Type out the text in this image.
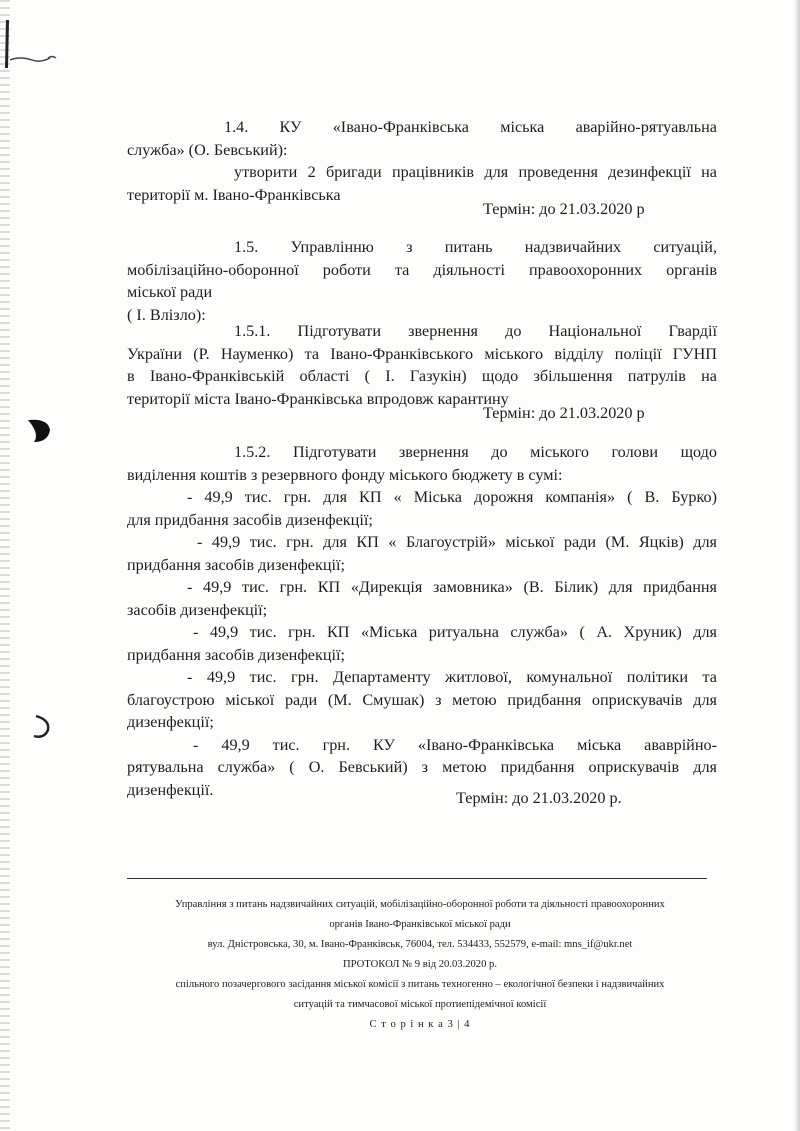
1.4. КУ «Івано-Франківська міська аварійно-рятуавльна
служба» (О. Бевський):
утворити 2 бригади працівників для проведення дезинфекції на
території м. Івано-Франківська
Термін: до 21.03.2020 р
1.5. Управлінню з питань надзвичайних ситуацій,
мобілізаційно-оборонної роботи та діяльності правоохоронних органів
міської ради
( І. Влізло):
1.5.1. Підготувати звернення до Національної Гвардії
України (Р. Науменко) та Івано-Франківського міського відділу поліції ГУНП
в Івано-Франківській області ( І. Газукін) щодо збільшення патрулів на
території міста Івано-Франківська впродовж карантину
Термін: до 21.03.2020 р
1.5.2. Підготувати звернення до міського голови щодо
виділення коштів з резервного фонду міського бюджету в сумі:
- 49,9 тис. грн. для КП « Міська дорожня компанія» ( В. Бурко)
для придбання засобів дизенфекції;
- 49,9 тис. грн. для КП « Благоустрій» міської ради (М. Яцків) для
придбання засобів дизенфекції;
- 49,9 тис. грн. КП «Дирекція замовника» (В. Білик) для придбання
засобів дизенфекції;
- 49,9 тис. грн. КП «Міська ритуальна служба» ( А. Хруник) для
придбання засобів дизенфекції;
- 49,9 тис. грн. Департаменту житлової, комунальної політики та
благоустрою міської ради (М. Смушак) з метою придбання оприскувачів для
дизенфекції;
- 49,9 тис. грн. КУ «Івано-Франківська міська ававрійно-
рятувальна служба» ( О. Бевський) з метою придбання оприскувачів для
дизенфекції.	Термін: до 21.03.2020 р.
Управління з питань надзвичайних ситуацій, мобілізаційно-оборонної роботи та діяльності правоохоронних
органів Івано-Франківської міської ради
вул. Дністровська, 30, м. Івано-Франківськ, 76004, тел. 534433, 552579, e-mail: mns_if@ukr.net
ПРОТОКОЛ № 9 від 20.03.2020 р.
спільного позачергового засідання міської комісії з питань техногенно – екологічної безпеки і надзвичайних
ситуацій та тимчасової міської протиепідемічної комісії
С т о р і н к а 3 | 4
